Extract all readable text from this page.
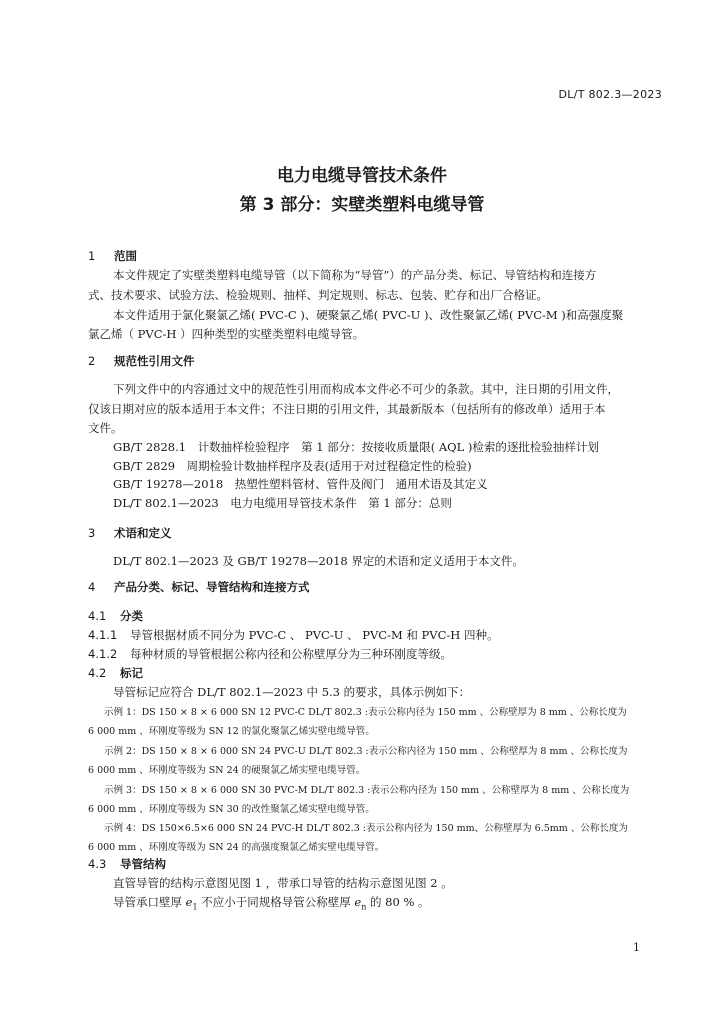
DL/T 802.3—2023
电力电缆导管技术条件
第 3 部分：实壁类塑料电缆导管
1 范围
本文件规定了实壁类塑料电缆导管（以下简称为“导管”）的产品分类、标记、导管结构和连接方
式、技术要求、试验方法、检验规则、抽样、判定规则、标志、包装、贮存和出厂合格证。
本文件适用于氯化聚氯乙烯( PVC-C )、硬聚氯乙烯( PVC-U )、改性聚氯乙烯( PVC-M )和高强度聚
氯乙烯（ PVC-H ）四种类型的实壁类塑料电缆导管。
2 规范性引用文件
下列文件中的内容通过文中的规范性引用而构成本文件必不可少的条款。其中，注日期的引用文件，
仅该日期对应的版本适用于本文件；不注日期的引用文件，其最新版本（包括所有的修改单）适用于本
文件。
GB/T 2828.1　计数抽样检验程序　第 1 部分：按接收质量限( AQL )检索的逐批检验抽样计划
GB/T 2829　周期检验计数抽样程序及表(适用于对过程稳定性的检验)
GB/T 19278—2018　热塑性塑料管材、管件及阀门　通用术语及其定义
DL/T 802.1—2023　电力电缆用导管技术条件　第 1 部分：总则
3 术语和定义
DL/T 802.1—2023 及 GB/T 19278—2018 界定的术语和定义适用于本文件。
4 产品分类、标记、导管结构和连接方式
4.1 分类
4.1.1 导管根据材质不同分为 PVC-C 、 PVC-U 、 PVC-M 和 PVC-H 四种。
4.1.2 每种材质的导管根据公称内径和公称壁厚分为三种环刚度等级。
4.2 标记
导管标记应符合 DL/T 802.1—2023 中 5.3 的要求，具体示例如下：
示例 1：DS 150 × 8 × 6 000 SN 12 PVC-C DL/T 802.3 :表示公称内径为 150 mm 、公称壁厚为 8 mm 、公称长度为
6 000 mm 、环刚度等级为 SN 12 的氯化聚氯乙烯实壁电缆导管。
示例 2：DS 150 × 8 × 6 000 SN 24 PVC-U DL/T 802.3 :表示公称内径为 150 mm 、公称壁厚为 8 mm 、公称长度为
6 000 mm 、环刚度等级为 SN 24 的硬聚氯乙烯实壁电缆导管。
示例 3：DS 150 × 8 × 6 000 SN 30 PVC-M DL/T 802.3 :表示公称内径为 150 mm 、公称壁厚为 8 mm 、公称长度为
6 000 mm 、环刚度等级为 SN 30 的改性聚氯乙烯实壁电缆导管。
示例 4：DS 150×6.5×6 000 SN 24 PVC-H DL/T 802.3 :表示公称内径为 150 mm、公称壁厚为 6.5mm 、公称长度为
6 000 mm 、环刚度等级为 SN 24 的高强度聚氯乙烯实壁电缆导管。
4.3 导管结构
直管导管的结构示意图见图 1 ，带承口导管的结构示意图见图 2 。
导管承口壁厚 $e_1$ 不应小于同规格导管公称壁厚 $e_n$ 的 80 % 。
1
